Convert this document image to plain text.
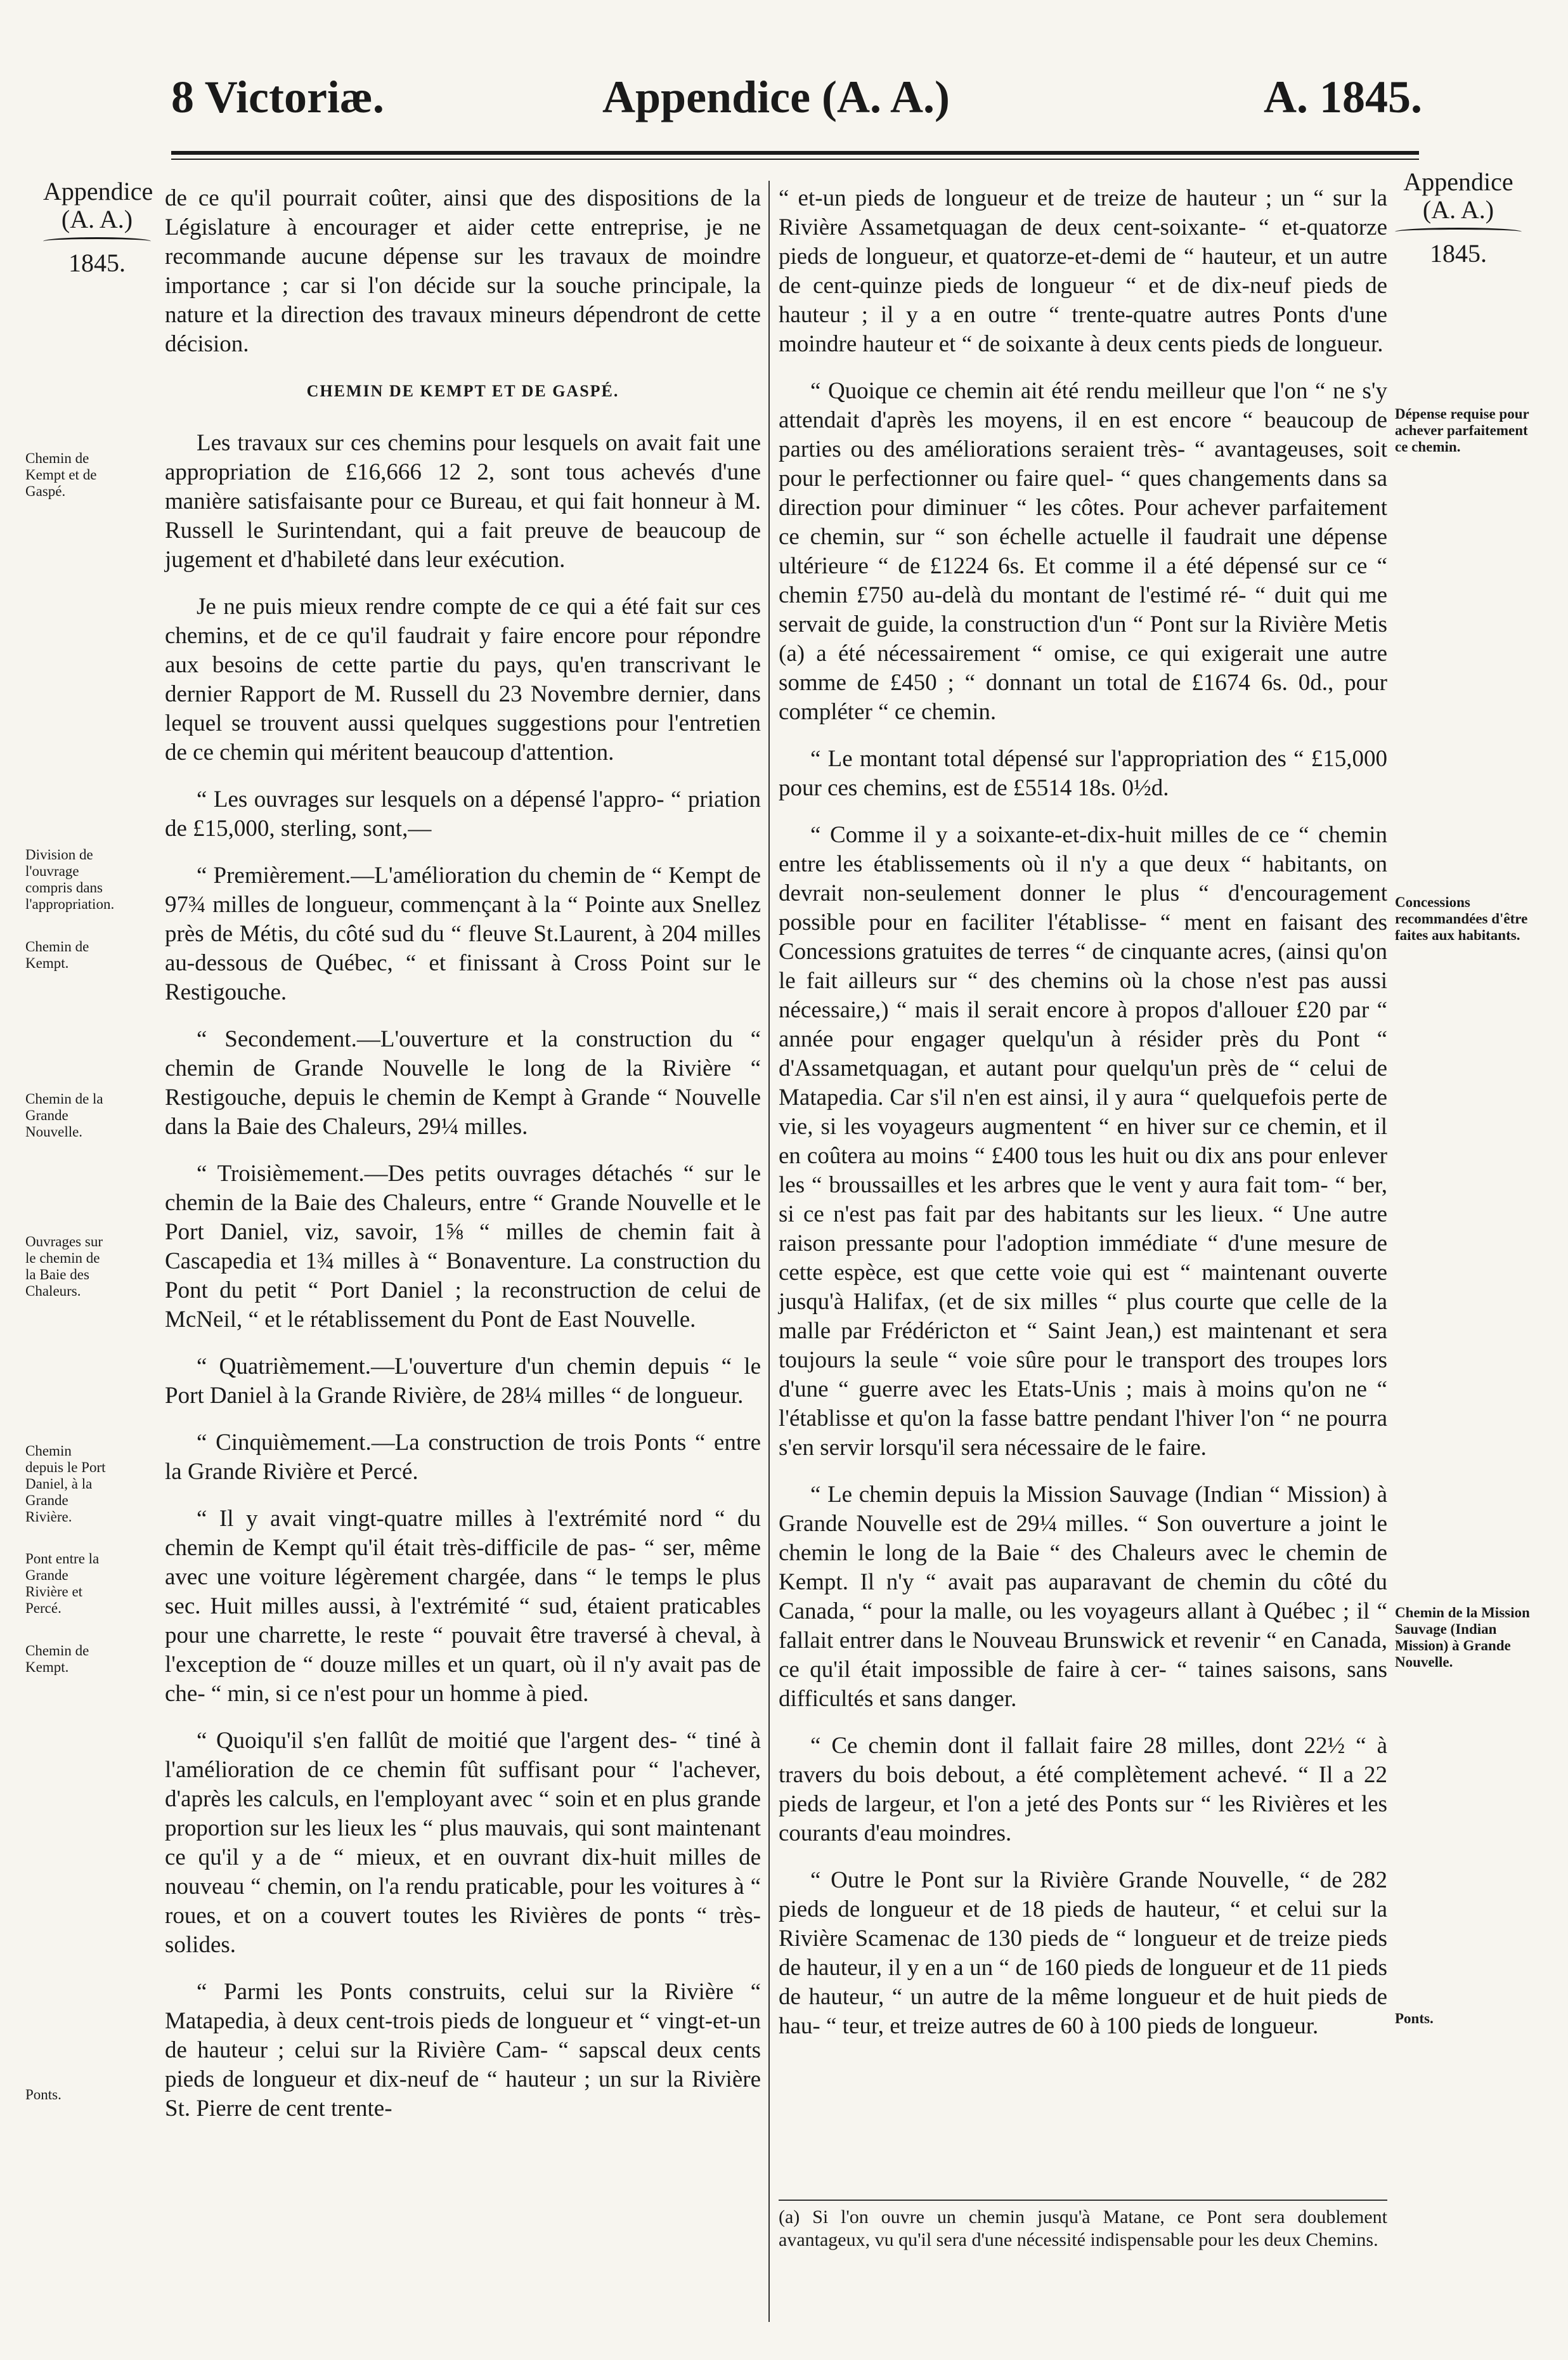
8 Victoriæ.	Appendice (A. A.)	A. 1845.
Appendice
(A. A.)
1845.
Appendice
(A. A.)
1845.
Chemin de Kempt et de Gaspé.
Division de l'ouvrage compris dans l'appropriation.
Chemin de Kempt.
Chemin de la Grande Nouvelle.
Ouvrages sur le chemin de la Baie des Chaleurs.
Chemin depuis le Port Daniel, à la Grande Rivière.
Pont entre la Grande Rivière et Percé.
Chemin de Kempt.
Ponts.
Dépense requise pour achever parfaitement ce chemin.
Concessions recommandées d'être faites aux habitants.
Chemin de la Mission Sauvage (Indian Mission) à Grande Nouvelle.
Ponts.

de ce qu'il pourrait coûter, ainsi que des dispositions de la Législature à encourager et aider cette entreprise, je ne recommande aucune dépense sur les travaux de moindre importance ; car si l'on décide sur la souche principale, la nature et la direction des travaux mineurs dépendront de cette décision.

CHEMIN DE KEMPT ET DE GASPÉ.

Les travaux sur ces chemins pour lesquels on avait fait une appropriation de £16,666 12 2, sont tous achevés d'une manière satisfaisante pour ce Bureau, et qui fait honneur à M. Russell le Surintendant, qui a fait preuve de beaucoup de jugement et d'habileté dans leur exécution.

Je ne puis mieux rendre compte de ce qui a été fait sur ces chemins, et de ce qu'il faudrait y faire encore pour répondre aux besoins de cette partie du pays, qu'en transcrivant le dernier Rapport de M. Russell du 23 Novembre dernier, dans lequel se trouvent aussi quelques suggestions pour l'entretien de ce chemin qui méritent beaucoup d'attention.

“ Les ouvrages sur lesquels on a dépensé l'appro- “ priation de £15,000, sterling, sont,—

“ Premièrement.—L'amélioration du chemin de “ Kempt de 97¾ milles de longueur, commençant à la “ Pointe aux Snellez près de Métis, du côté sud du “ fleuve St.Laurent, à 204 milles au-dessous de Québec, “ et finissant à Cross Point sur le Restigouche.

“ Secondement.—L'ouverture et la construction du “ chemin de Grande Nouvelle le long de la Rivière “ Restigouche, depuis le chemin de Kempt à Grande “ Nouvelle dans la Baie des Chaleurs, 29¼ milles.

“ Troisièmement.—Des petits ouvrages détachés “ sur le chemin de la Baie des Chaleurs, entre “ Grande Nouvelle et le Port Daniel, viz, savoir, 1⅝ “ milles de chemin fait à Cascapedia et 1¾ milles à “ Bonaventure. La construction du Pont du petit “ Port Daniel ; la reconstruction de celui de McNeil, “ et le rétablissement du Pont de East Nouvelle.

“ Quatrièmement.—L'ouverture d'un chemin depuis “ le Port Daniel à la Grande Rivière, de 28¼ milles “ de longueur.

“ Cinquièmement.—La construction de trois Ponts “ entre la Grande Rivière et Percé.

“ Il y avait vingt-quatre milles à l'extrémité nord “ du chemin de Kempt qu'il était très-difficile de pas- “ ser, même avec une voiture légèrement chargée, dans “ le temps le plus sec. Huit milles aussi, à l'extrémité “ sud, étaient praticables pour une charrette, le reste “ pouvait être traversé à cheval, à l'exception de “ douze milles et un quart, où il n'y avait pas de che- “ min, si ce n'est pour un homme à pied.

“ Quoiqu'il s'en fallût de moitié que l'argent des- “ tiné à l'amélioration de ce chemin fût suffisant pour “ l'achever, d'après les calculs, en l'employant avec “ soin et en plus grande proportion sur les lieux les “ plus mauvais, qui sont maintenant ce qu'il y a de “ mieux, et en ouvrant dix-huit milles de nouveau “ chemin, on l'a rendu praticable, pour les voitures à “ roues, et on a couvert toutes les Rivières de ponts “ très-solides.

“ Parmi les Ponts construits, celui sur la Rivière “ Matapedia, à deux cent-trois pieds de longueur et “ vingt-et-un de hauteur ; celui sur la Rivière Cam- “ sapscal deux cents pieds de longueur et dix-neuf de “ hauteur ; un sur la Rivière St. Pierre de cent trente-

“ et-un pieds de longueur et de treize de hauteur ; un “ sur la Rivière Assametquagan de deux cent-soixante- “ et-quatorze pieds de longueur, et quatorze-et-demi de “ hauteur, et un autre de cent-quinze pieds de longueur “ et de dix-neuf pieds de hauteur ; il y a en outre “ trente-quatre autres Ponts d'une moindre hauteur et “ de soixante à deux cents pieds de longueur.

“ Quoique ce chemin ait été rendu meilleur que l'on “ ne s'y attendait d'après les moyens, il en est encore “ beaucoup de parties ou des améliorations seraient très- “ avantageuses, soit pour le perfectionner ou faire quel- “ ques changements dans sa direction pour diminuer “ les côtes. Pour achever parfaitement ce chemin, sur “ son échelle actuelle il faudrait une dépense ultérieure “ de £1224 6s. Et comme il a été dépensé sur ce “ chemin £750 au-delà du montant de l'estimé ré- “ duit qui me servait de guide, la construction d'un “ Pont sur la Rivière Metis (a) a été nécessairement “ omise, ce qui exigerait une autre somme de £450 ; “ donnant un total de £1674 6s. 0d., pour compléter “ ce chemin.

“ Le montant total dépensé sur l'appropriation des “ £15,000 pour ces chemins, est de £5514 18s. 0½d.

“ Comme il y a soixante-et-dix-huit milles de ce “ chemin entre les établissements où il n'y a que deux “ habitants, on devrait non-seulement donner le plus “ d'encouragement possible pour en faciliter l'établisse- “ ment en faisant des Concessions gratuites de terres “ de cinquante acres, (ainsi qu'on le fait ailleurs sur “ des chemins où la chose n'est pas aussi nécessaire,) “ mais il serait encore à propos d'allouer £20 par “ année pour engager quelqu'un à résider près du Pont “ d'Assametquagan, et autant pour quelqu'un près de “ celui de Matapedia. Car s'il n'en est ainsi, il y aura “ quelquefois perte de vie, si les voyageurs augmentent “ en hiver sur ce chemin, et il en coûtera au moins “ £400 tous les huit ou dix ans pour enlever les “ broussailles et les arbres que le vent y aura fait tom- “ ber, si ce n'est pas fait par des habitants sur les lieux. “ Une autre raison pressante pour l'adoption immédiate “ d'une mesure de cette espèce, est que cette voie qui est “ maintenant ouverte jusqu'à Halifax, (et de six milles “ plus courte que celle de la malle par Frédéricton et “ Saint Jean,) est maintenant et sera toujours la seule “ voie sûre pour le transport des troupes lors d'une “ guerre avec les Etats-Unis ; mais à moins qu'on ne “ l'établisse et qu'on la fasse battre pendant l'hiver l'on “ ne pourra s'en servir lorsqu'il sera nécessaire de le faire.

“ Le chemin depuis la Mission Sauvage (Indian “ Mission) à Grande Nouvelle est de 29¼ milles. “ Son ouverture a joint le chemin le long de la Baie “ des Chaleurs avec le chemin de Kempt. Il n'y “ avait pas auparavant de chemin du côté du Canada, “ pour la malle, ou les voyageurs allant à Québec ; il “ fallait entrer dans le Nouveau Brunswick et revenir “ en Canada, ce qu'il était impossible de faire à cer- “ taines saisons, sans difficultés et sans danger.

“ Ce chemin dont il fallait faire 28 milles, dont 22½ “ à travers du bois debout, a été complètement achevé. “ Il a 22 pieds de largeur, et l'on a jeté des Ponts sur “ les Rivières et les courants d'eau moindres.

“ Outre le Pont sur la Rivière Grande Nouvelle, “ de 282 pieds de longueur et de 18 pieds de hauteur, “ et celui sur la Rivière Scamenac de 130 pieds de “ longueur et de treize pieds de hauteur, il y en a un “ de 160 pieds de longueur et de 11 pieds de hauteur, “ un autre de la même longueur et de huit pieds de hau- “ teur, et treize autres de 60 à 100 pieds de longueur.

(a) Si l'on ouvre un chemin jusqu'à Matane, ce Pont sera doublement avantageux, vu qu'il sera d'une nécessité indispensable pour les deux Chemins.
